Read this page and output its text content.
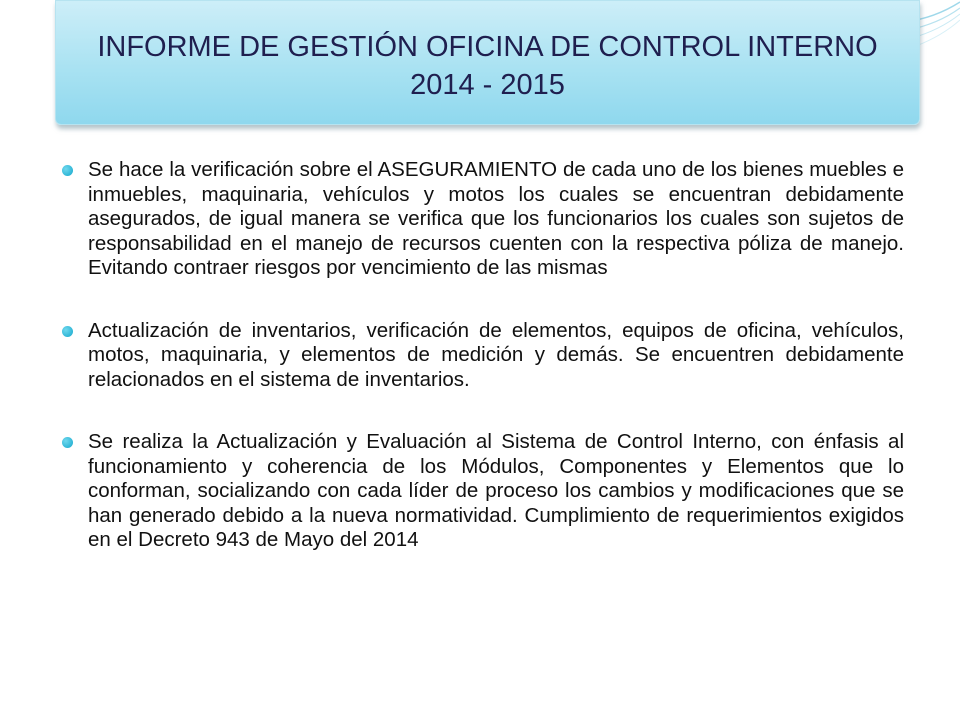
INFORME DE GESTIÓN OFICINA DE CONTROL INTERNO
2014 - 2015

Se hace la verificación sobre el ASEGURAMIENTO de cada uno de los bienes muebles e inmuebles, maquinaria, vehículos y motos los cuales se encuentran debidamente asegurados, de igual manera se verifica que los funcionarios los cuales son sujetos de responsabilidad en el manejo de recursos cuenten con la respectiva póliza de manejo. Evitando contraer riesgos por vencimiento de las mismas

Actualización de inventarios, verificación de elementos, equipos de oficina, vehículos, motos, maquinaria, y elementos de medición y demás. Se encuentren debidamente relacionados en el sistema de inventarios.

Se realiza la Actualización y Evaluación al Sistema de Control Interno, con énfasis al funcionamiento y coherencia de los Módulos, Componentes y Elementos que lo conforman, socializando con cada líder de proceso los cambios y modificaciones que se han generado debido a la nueva normatividad. Cumplimiento de requerimientos exigidos en el Decreto 943 de Mayo del 2014
